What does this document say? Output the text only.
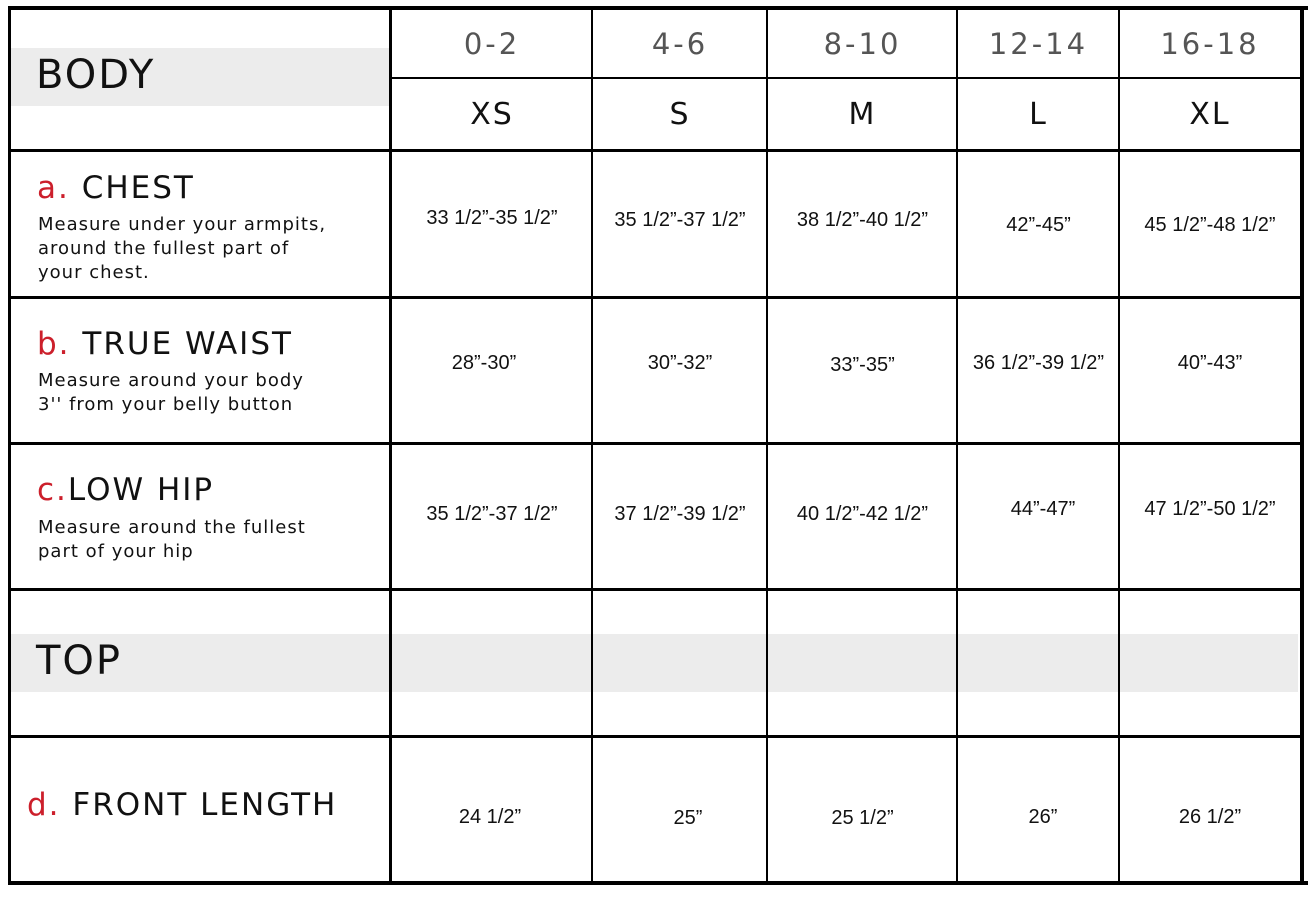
BODY
TOP
0-2	4-6	8-10	12-14	16-18
XS	S	M	L	XL
a. CHEST
Measure under your armpits,
around the fullest part of
your chest.
33 1/2”-35 1/2”	35 1/2”-37 1/2”	38 1/2”-40 1/2”	42”-45”	45 1/2”-48 1/2”
b. TRUE WAIST
Measure around your body
3'' from your belly button
28”-30”	30”-32”	33”-35”	36 1/2”-39 1/2”	40”-43”
c.LOW HIP
Measure around the fullest
part of your hip
35 1/2”-37 1/2”	37 1/2”-39 1/2”	40 1/2”-42 1/2”	44”-47”	47 1/2”-50 1/2”
d. FRONT LENGTH	24 1/2”	25”	25 1/2”	26”	26 1/2”
